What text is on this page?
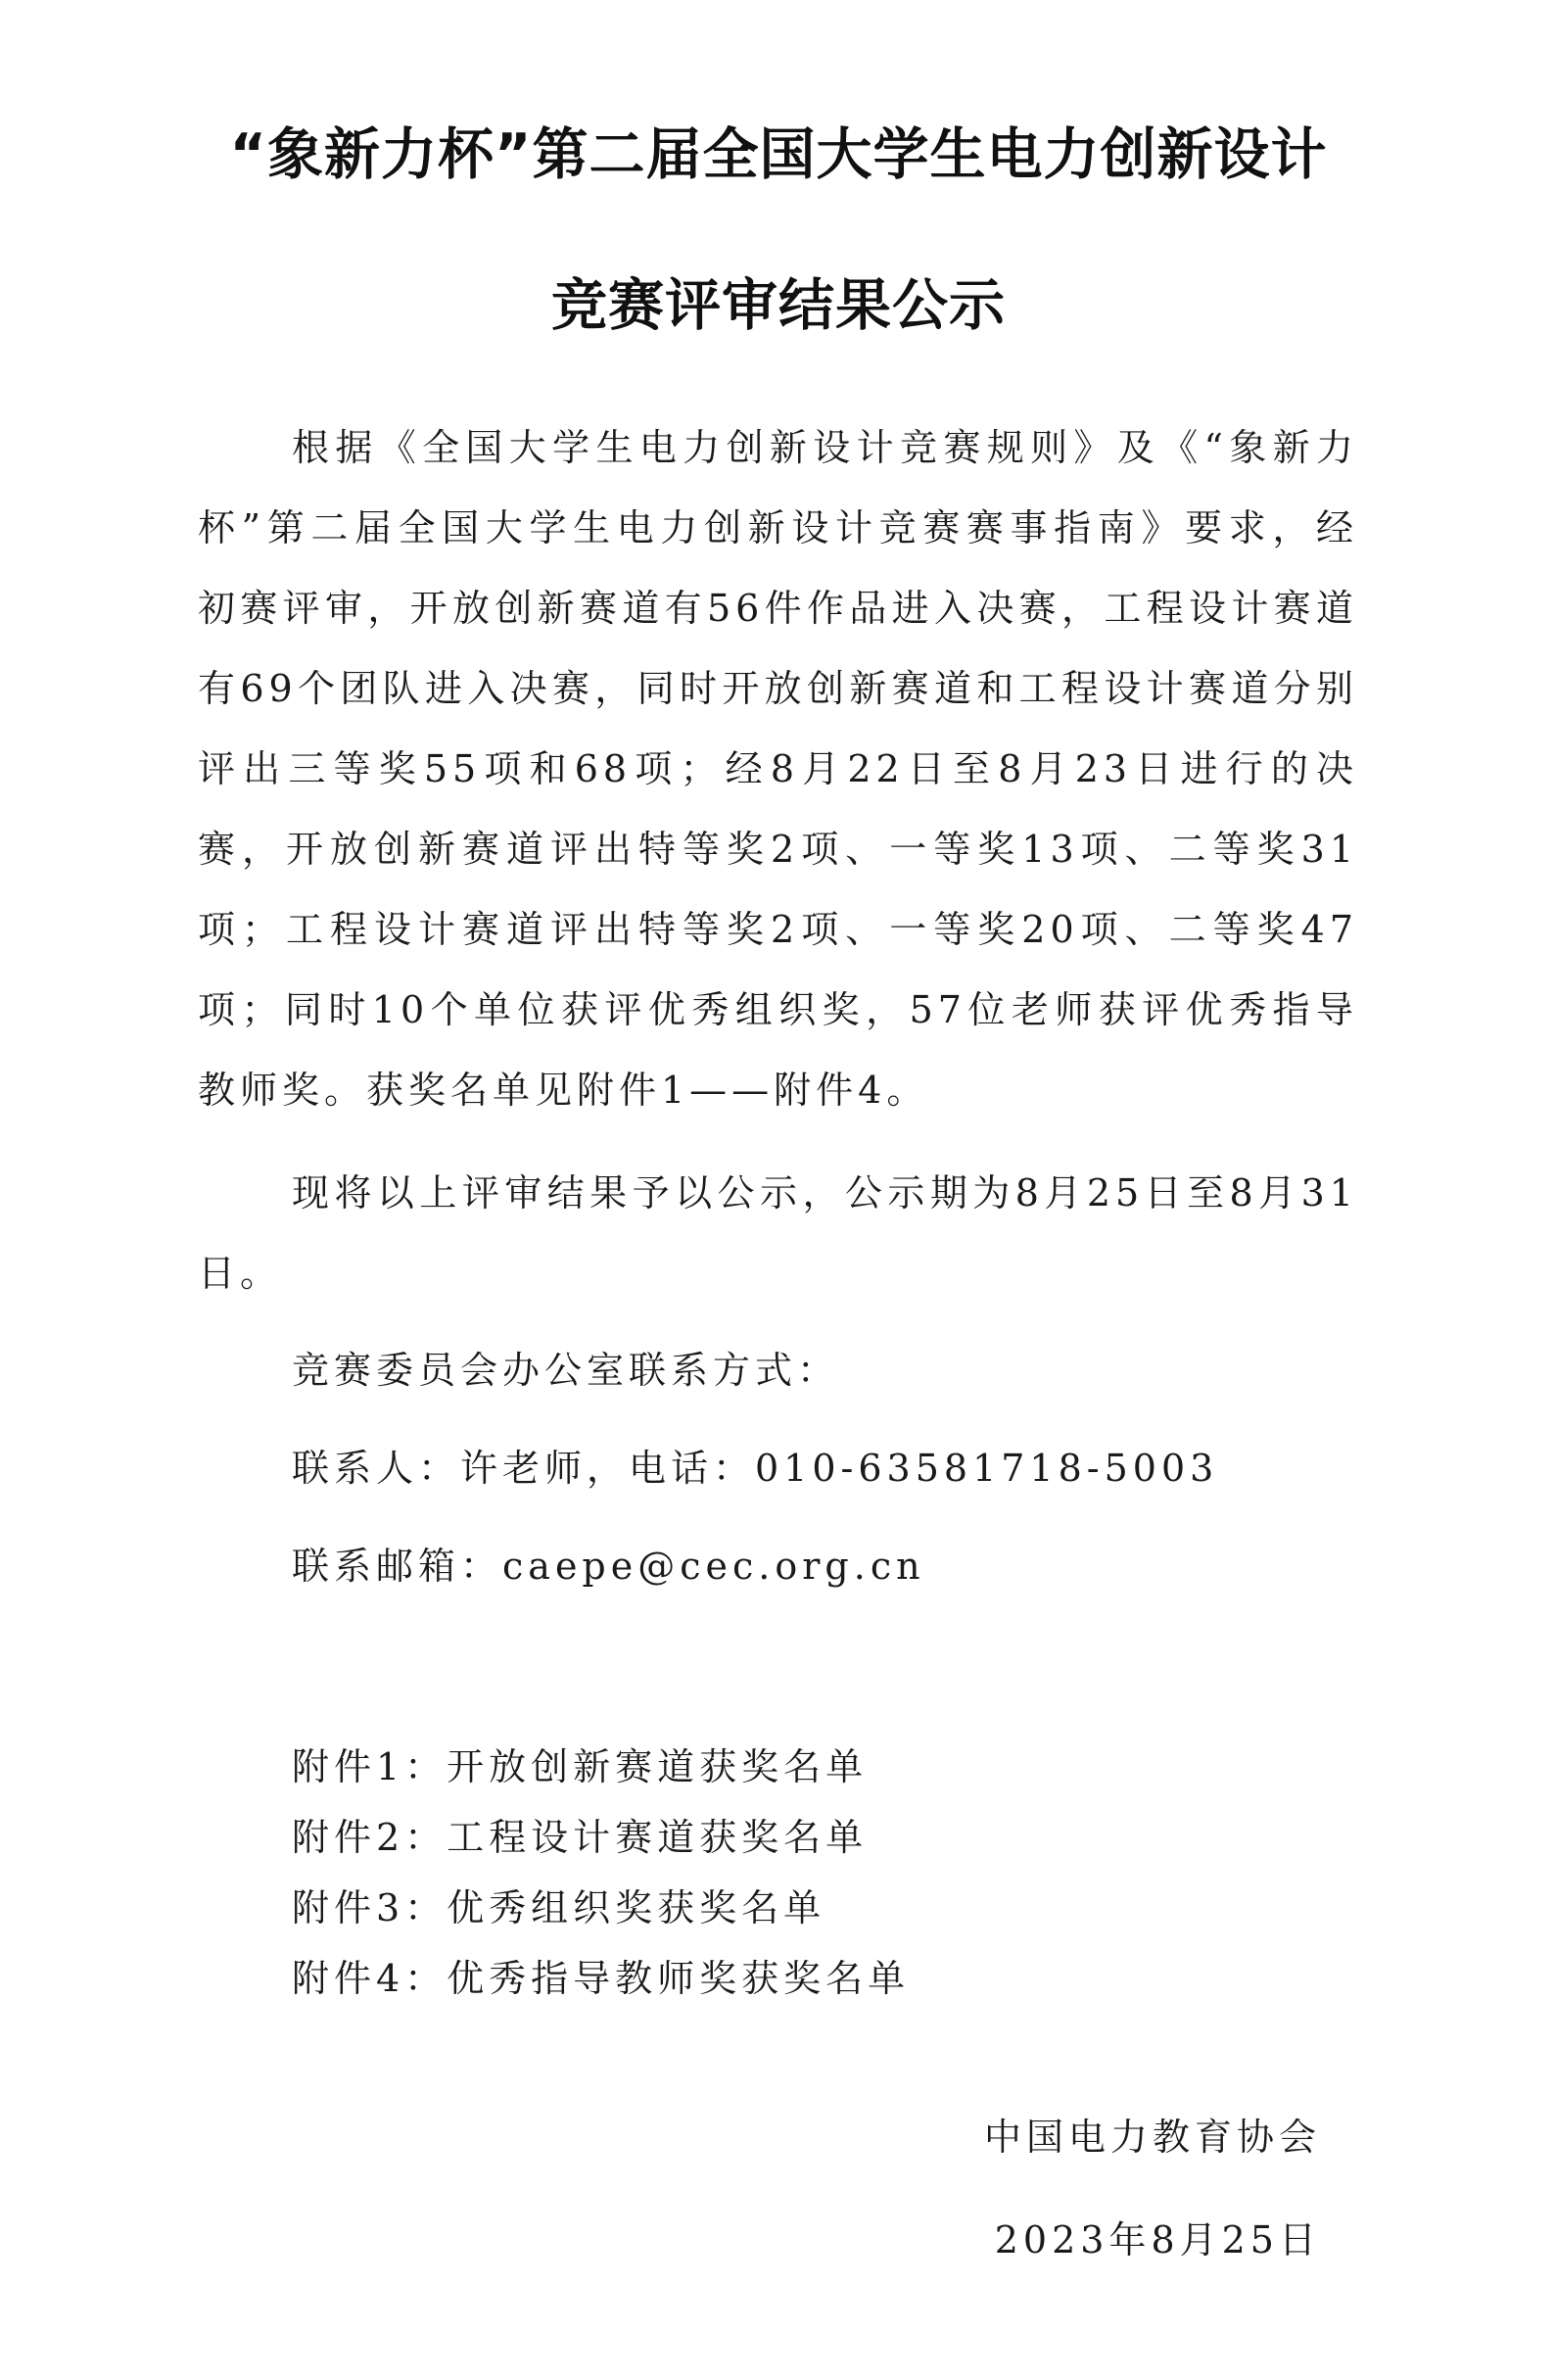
“象新力杯”第二届全国大学生电力创新设计
竞赛评审结果公示

根据《全国大学生电力创新设计竞赛规则》及《“象新力杯”第二届全国大学生电力创新设计竞赛赛事指南》要求，经初赛评审，开放创新赛道有56件作品进入决赛，工程设计赛道有69个团队进入决赛，同时开放创新赛道和工程设计赛道分别评出三等奖55项和68项；经8月22日至8月23日进行的决赛，开放创新赛道评出特等奖2项、一等奖13项、二等奖31项；工程设计赛道评出特等奖2项、一等奖20项、二等奖47项；同时10个单位获评优秀组织奖，57位老师获评优秀指导教师奖。获奖名单见附件1——附件4。

现将以上评审结果予以公示，公示期为8月25日至8月31日。

竞赛委员会办公室联系方式：
联系人：许老师，电话：010-63581718-5003
联系邮箱：caepe@cec.org.cn
附件1：开放创新赛道获奖名单
附件2：工程设计赛道获奖名单
附件3：优秀组织奖获奖名单
附件4：优秀指导教师奖获奖名单
中国电力教育协会
2023年8月25日
